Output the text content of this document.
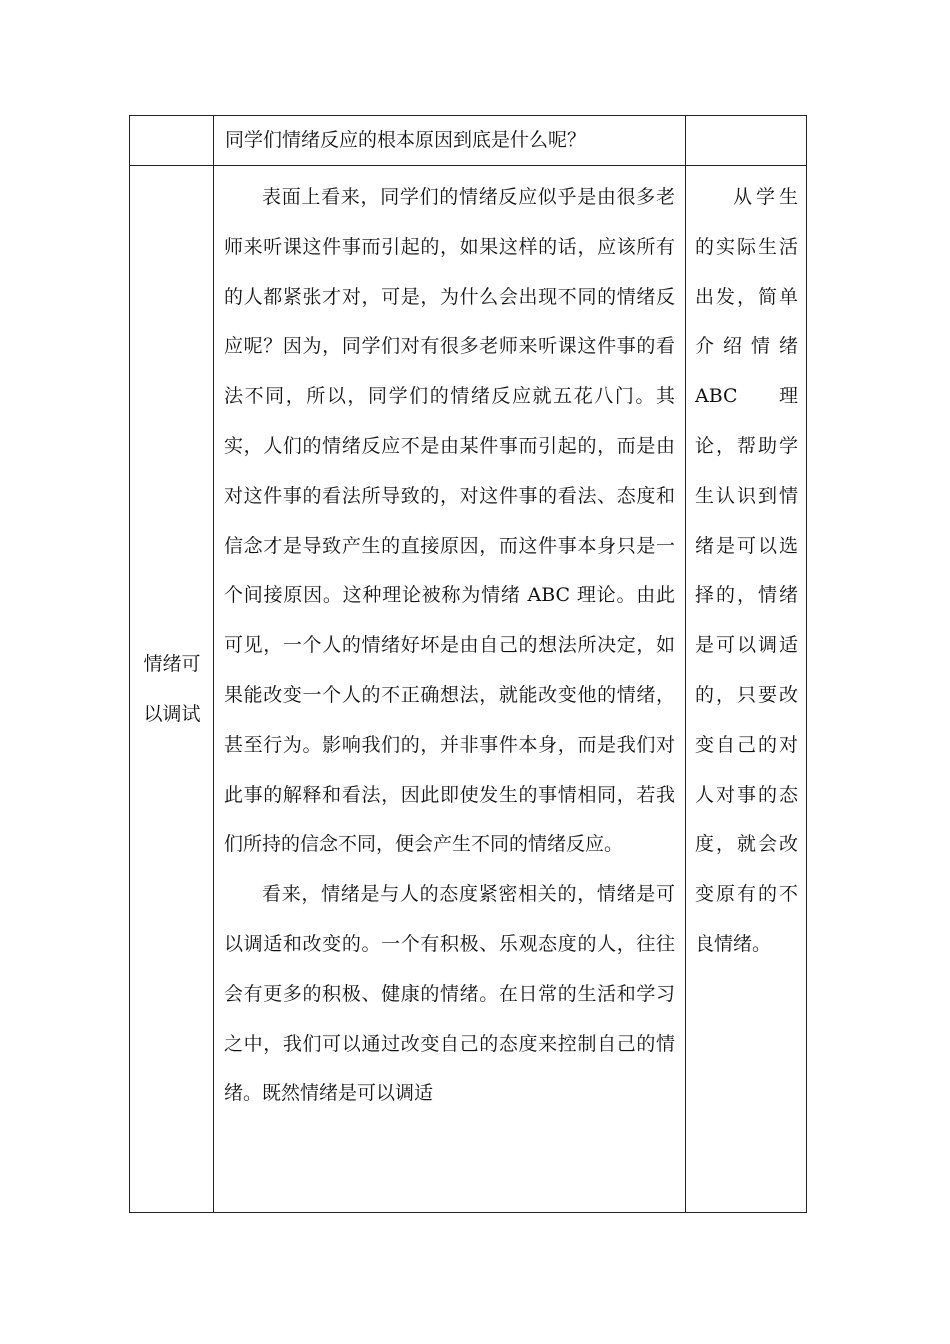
	同学们情绪反应的根本原因到底是什么呢？	

情绪可以调试	表面上看来，同学们的情绪反应似乎是由很多老师来听课这件事而引起的，如果这样的话，应该所有的人都紧张才对，可是，为什么会出现不同的情绪反应呢？因为，同学们对有很多老师来听课这件事的看法不同，所以，同学们的情绪反应就五花八门。其实，人们的情绪反应不是由某件事而引起的，而是由对这件事的看法所导致的，对这件事的看法、态度和信念才是导致产生的直接原因，而这件事本身只是一个间接原因。这种理论被称为情绪 ABC 理论。由此可见，一个人的情绪好坏是由自己的想法所决定，如果能改变一个人的不正确想法，就能改变他的情绪，甚至行为。影响我们的，并非事件本身，而是我们对此事的解释和看法，因此即使发生的事情相同，若我们所持的信念不同，便会产生不同的情绪反应。

看来，情绪是与人的态度紧密相关的，情绪是可以调适和改变的。一个有积极、乐观态度的人，往往会有更多的积极、健康的情绪。在日常的生活和学习之中，我们可以通过改变自己的态度来控制自己的情绪。既然情绪是可以调适	从学生的实际生活出发，简单介绍情绪 ABC 理论，帮助学生认识到情绪是可以选择的，情绪是可以调适的，只要改变自己的对人对事的态度，就会改变原有的不良情绪。
